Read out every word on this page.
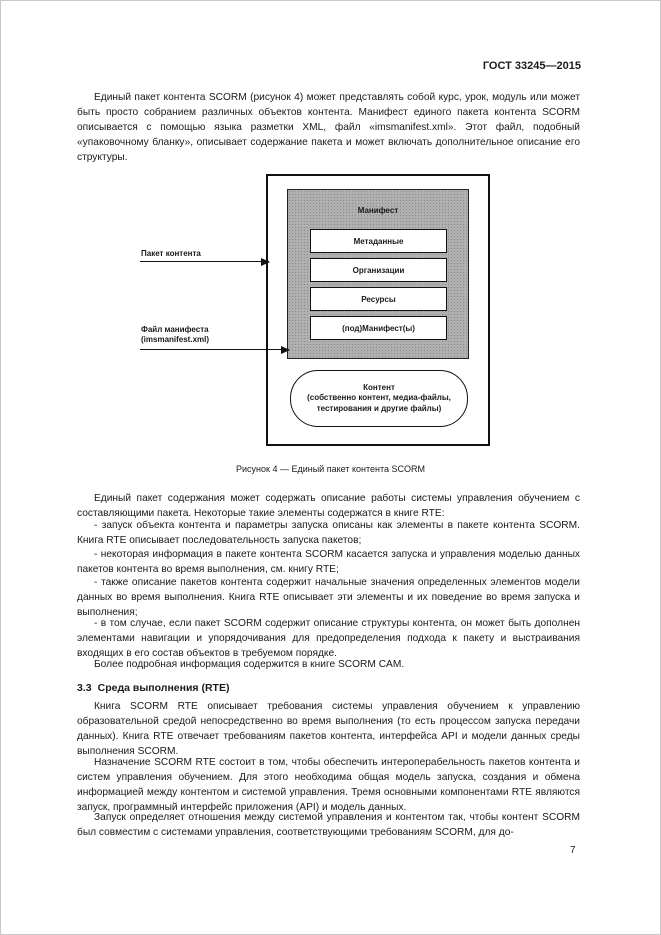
ГОСТ 33245—2015

Единый пакет контента SCORM (рисунок 4) может представлять собой курс, урок, модуль или может быть просто собранием различных объектов контента. Манифест единого пакета контента SCORM описывается с помощью языка разметки XML, файл «imsmanifest.xml». Этот файл, подобный «упаковочному бланку», описывает содержание пакета и может включать дополнительное описание его структуры.

Манифест
Метаданные
Организации
Ресурсы
(под)Манифест(ы)
Контент
(собственно контент, медиа-файлы,
тестирования и другие файлы)
Пакет контента
Файл манифеста
(imsmanifest.xml)
Рисунок 4 — Единый пакет контента SCORM

Единый пакет содержания может содержать описание работы системы управления обучением с составляющими пакета. Некоторые такие элементы содержатся в книге RTE:

- запуск объекта контента и параметры запуска описаны как элементы в пакете контента SCORM. Книга RTE описывает последовательность запуска пакетов;

- некоторая информация в пакете контента SCORM касается запуска и управления моделью данных пакетов контента во время выполнения, см. книгу RTE;

- также описание пакетов контента содержит начальные значения определенных элементов модели данных во время выполнения. Книга RTE описывает эти элементы и их поведение во время запуска и выполнения;

- в том случае, если пакет SCORM содержит описание структуры контента, он может быть дополнен элементами навигации и упорядочивания для предопределения подхода к пакету и выстраивания входящих в его состав объектов в требуемом порядке.

Более подробная информация содержится в книге SCORM CAM.

3.3 Среда выполнения (RTE)

Книга SCORM RTE описывает требования системы управления обучением к управлению образовательной средой непосредственно во время выполнения (то есть процессом запуска передачи данных). Книга RTE отвечает требованиям пакетов контента, интерфейса API и модели данных среды выполнения SCORM.

Назначение SCORM RTE состоит в том, чтобы обеспечить интероперабельность пакетов контента и систем управления обучением. Для этого необходима общая модель запуска, создания и обмена информацией между контентом и системой управления. Тремя основными компонентами RTE являются запуск, программный интерфейс приложения (API) и модель данных.

Запуск определяет отношения между системой управления и контентом так, чтобы контент SCORM был совместим с системами управления, соответствующими требованиям SCORM, для до-

7
